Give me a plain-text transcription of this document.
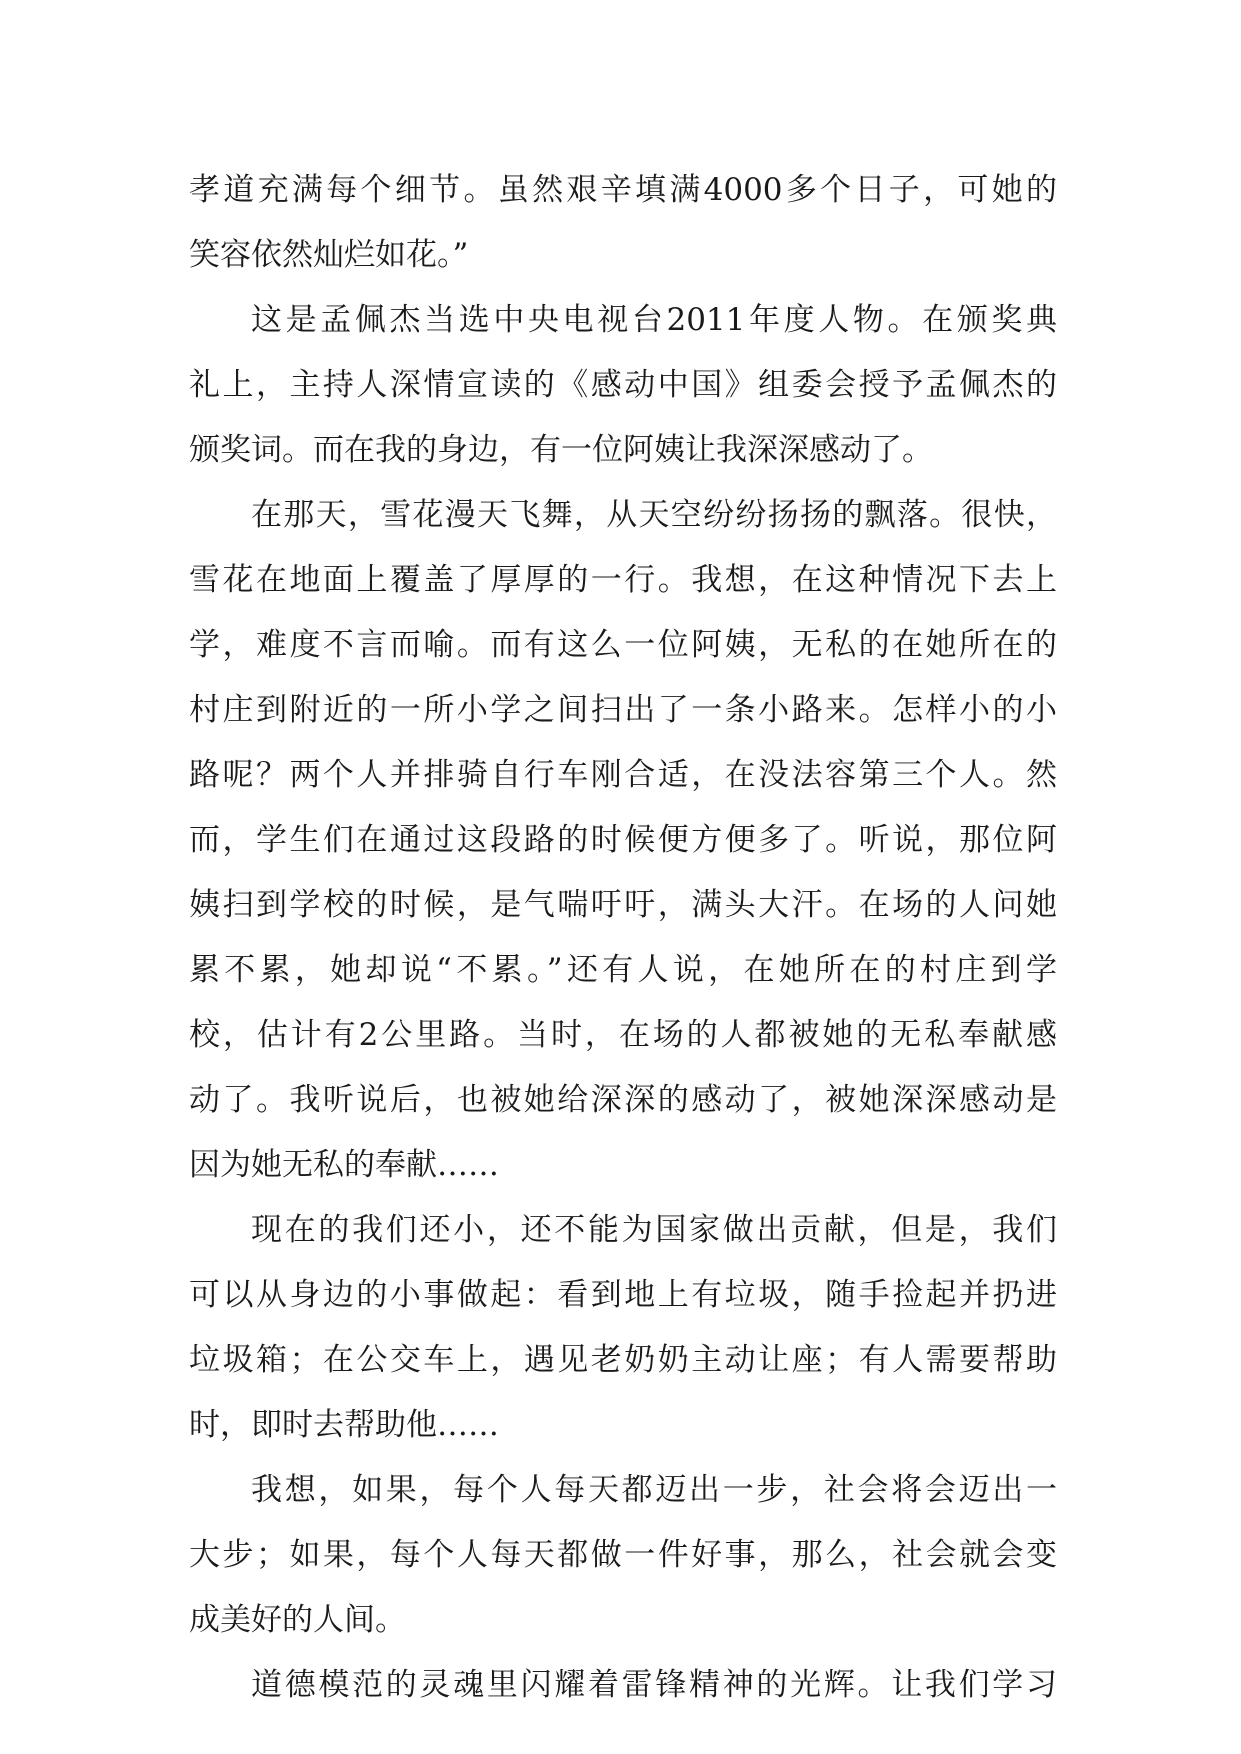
孝道充满每个细节。虽然艰辛填满4000多个日子，可她的
笑容依然灿烂如花。”
这是孟佩杰当选中央电视台2011年度人物。在颁奖典
礼上，主持人深情宣读的《感动中国》组委会授予孟佩杰的
颁奖词。而在我的身边，有一位阿姨让我深深感动了。
在那天，雪花漫天飞舞，从天空纷纷扬扬的飘落。很快，
雪花在地面上覆盖了厚厚的一行。我想，在这种情况下去上
学，难度不言而喻。而有这么一位阿姨，无私的在她所在的
村庄到附近的一所小学之间扫出了一条小路来。怎样小的小
路呢？两个人并排骑自行车刚合适，在没法容第三个人。然
而，学生们在通过这段路的时候便方便多了。听说，那位阿
姨扫到学校的时候，是气喘吁吁，满头大汗。在场的人问她
累不累，她却说“不累。”还有人说，在她所在的村庄到学
校，估计有2公里路。当时，在场的人都被她的无私奉献感
动了。我听说后，也被她给深深的感动了，被她深深感动是
因为她无私的奉献……
现在的我们还小，还不能为国家做出贡献，但是，我们
可以从身边的小事做起：看到地上有垃圾，随手捡起并扔进
垃圾箱；在公交车上，遇见老奶奶主动让座；有人需要帮助
时，即时去帮助他……
我想，如果，每个人每天都迈出一步，社会将会迈出一
大步；如果，每个人每天都做一件好事，那么，社会就会变
成美好的人间。
道德模范的灵魂里闪耀着雷锋精神的光辉。让我们学习
